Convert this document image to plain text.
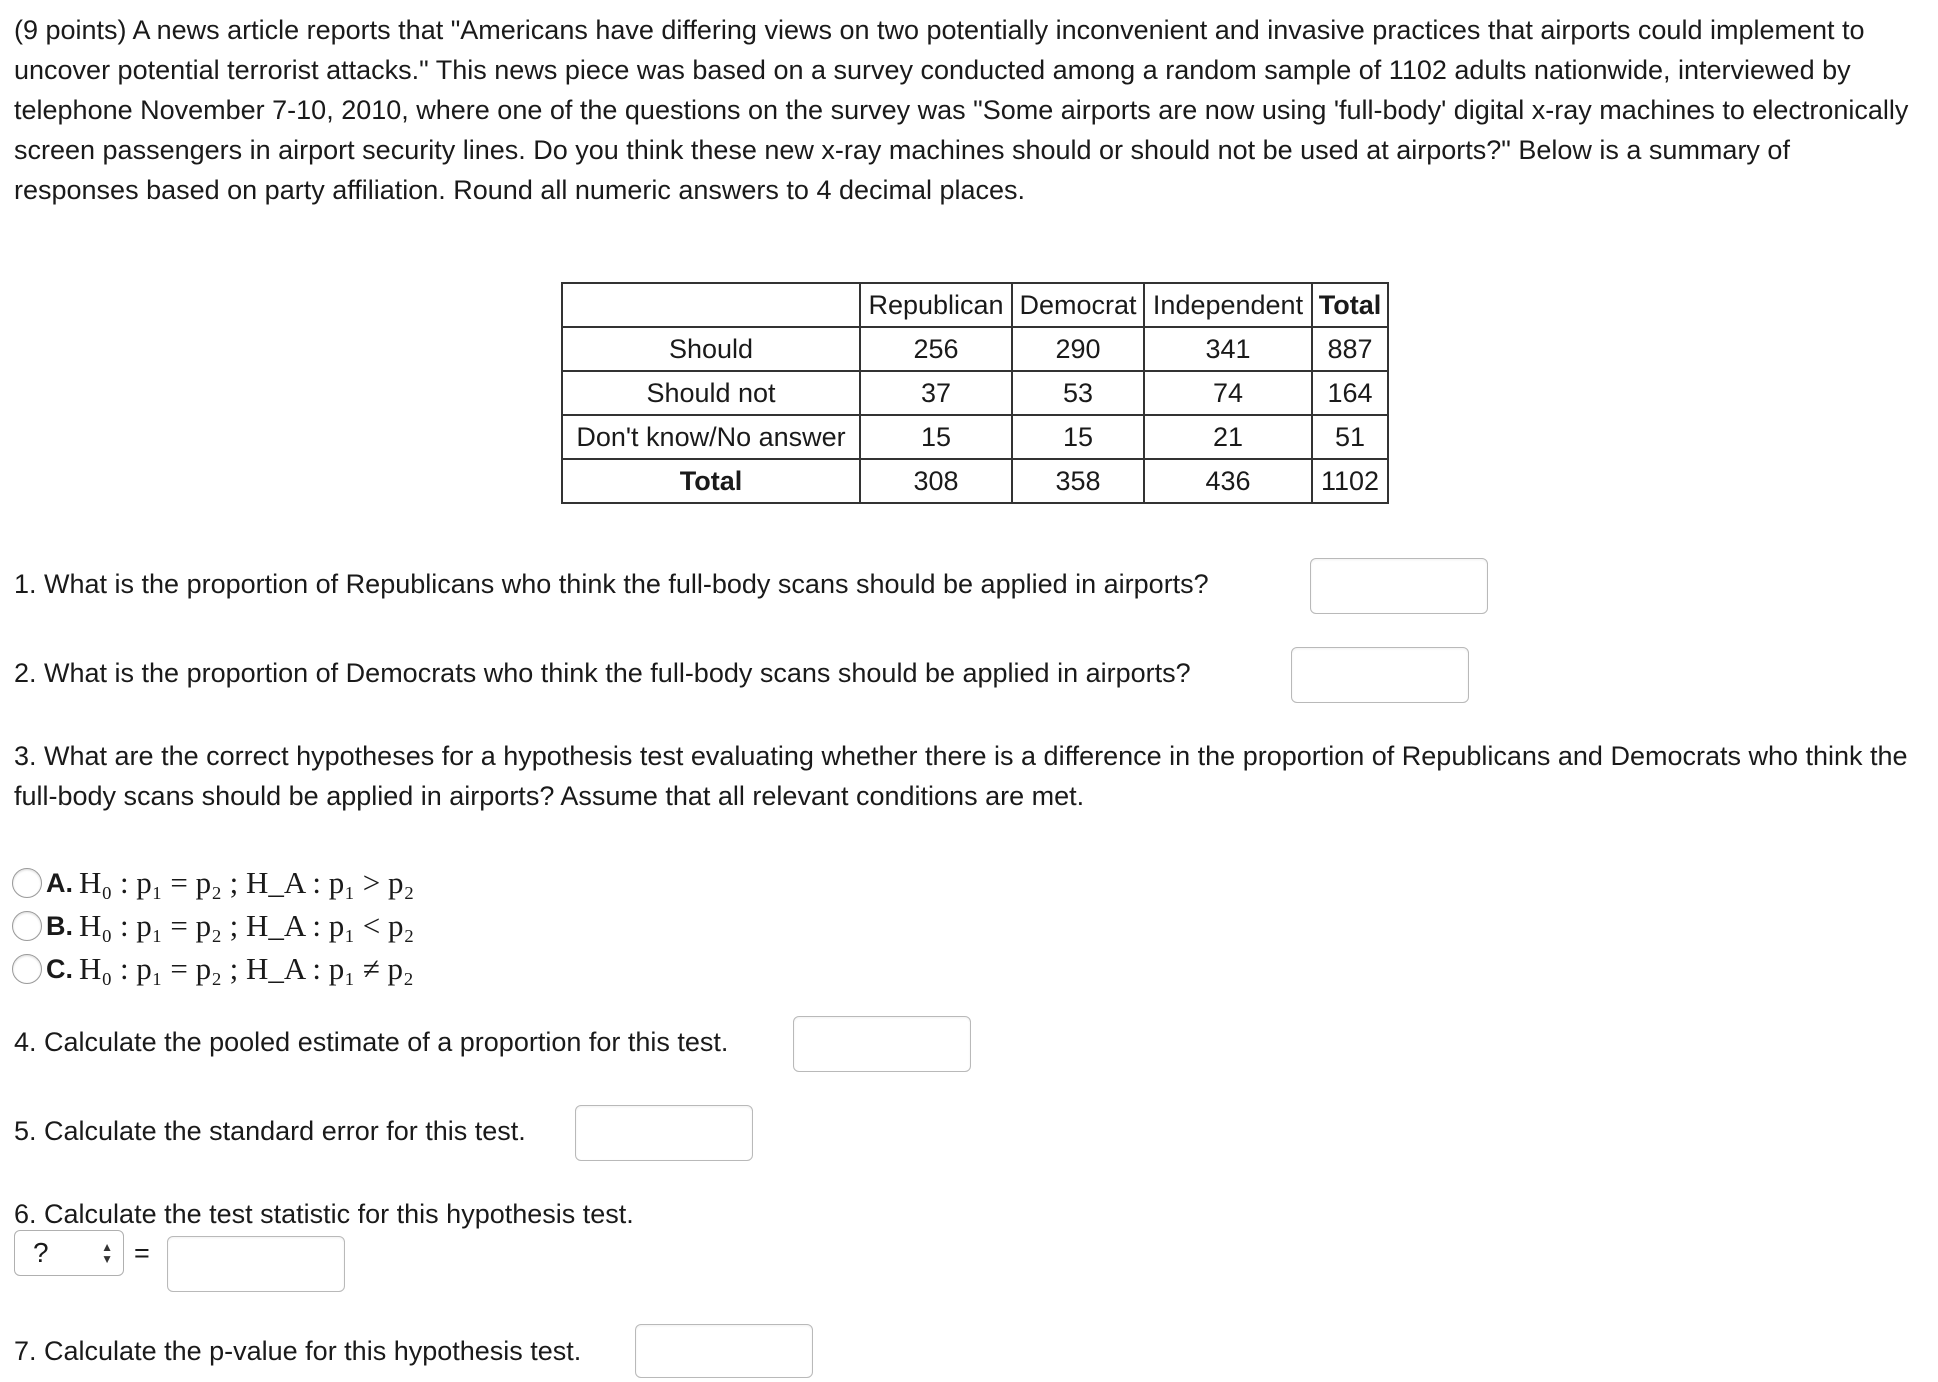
(9 points) A news article reports that "Americans have differing views on two potentially inconvenient and invasive practices that airports could implement to uncover potential terrorist attacks." This news piece was based on a survey conducted among a random sample of 1102 adults nationwide, interviewed by telephone November 7-10, 2010, where one of the questions on the survey was "Some airports are now using 'full-body' digital x-ray machines to electronically screen passengers in airport security lines. Do you think these new x-ray machines should or should not be used at airports?" Below is a summary of responses based on party affiliation. Round all numeric answers to 4 decimal places.
	Republican	Democrat	Independent	Total
Should	256	290	341	887
Should not	37	53	74	164
Don't know/No answer	15	15	21	51
Total	308	358	436	1102
1. What is the proportion of Republicans who think the full-body scans should be applied in airports?
2. What is the proportion of Democrats who think the full-body scans should be applied in airports?
3. What are the correct hypotheses for a hypothesis test evaluating whether there is a difference in the proportion of Republicans and Democrats who think the full-body scans should be applied in airports? Assume that all relevant conditions are met.
A. H₀ : p₁ = p₂ ; H_A : p₁ > p₂
B. H₀ : p₁ = p₂ ; H_A : p₁ < p₂
C. H₀ : p₁ = p₂ ; H_A : p₁ ≠ p₂
4. Calculate the pooled estimate of a proportion for this test.
5. Calculate the standard error for this test.
6. Calculate the test statistic for this hypothesis test.
?	▲
▼ =
7. Calculate the p-value for this hypothesis test.
